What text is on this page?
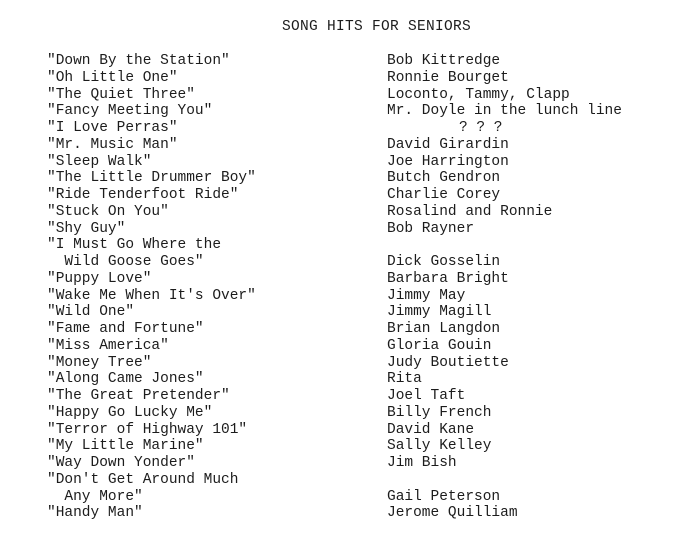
SONG HITS FOR SENIORS
"Down By the Station"	Bob Kittredge
"Oh Little One"	Ronnie Bourget
"The Quiet Three"	Loconto, Tammy, Clapp
"Fancy Meeting You"	Mr. Doyle in the lunch line
"I Love Perras"	? ? ?
"Mr. Music Man"	David Girardin
"Sleep Walk"	Joe Harrington
"The Little Drummer Boy"	Butch Gendron
"Ride Tenderfoot Ride"	Charlie Corey
"Stuck On You"	Rosalind and Ronnie
"Shy Guy"	Bob Rayner
"I Must Go Where the
Wild Goose Goes"	Dick Gosselin
"Puppy Love"	Barbara Bright
"Wake Me When It's Over"	Jimmy May
"Wild One"	Jimmy Magill
"Fame and Fortune"	Brian Langdon
"Miss America"	Gloria Gouin
"Money Tree"	Judy Boutiette
"Along Came Jones"	Rita
"The Great Pretender"	Joel Taft
"Happy Go Lucky Me"	Billy French
"Terror of Highway 101"	David Kane
"My Little Marine"	Sally Kelley
"Way Down Yonder"	Jim Bish
"Don't Get Around Much
Any More"	Gail Peterson
"Handy Man"	Jerome Quilliam
